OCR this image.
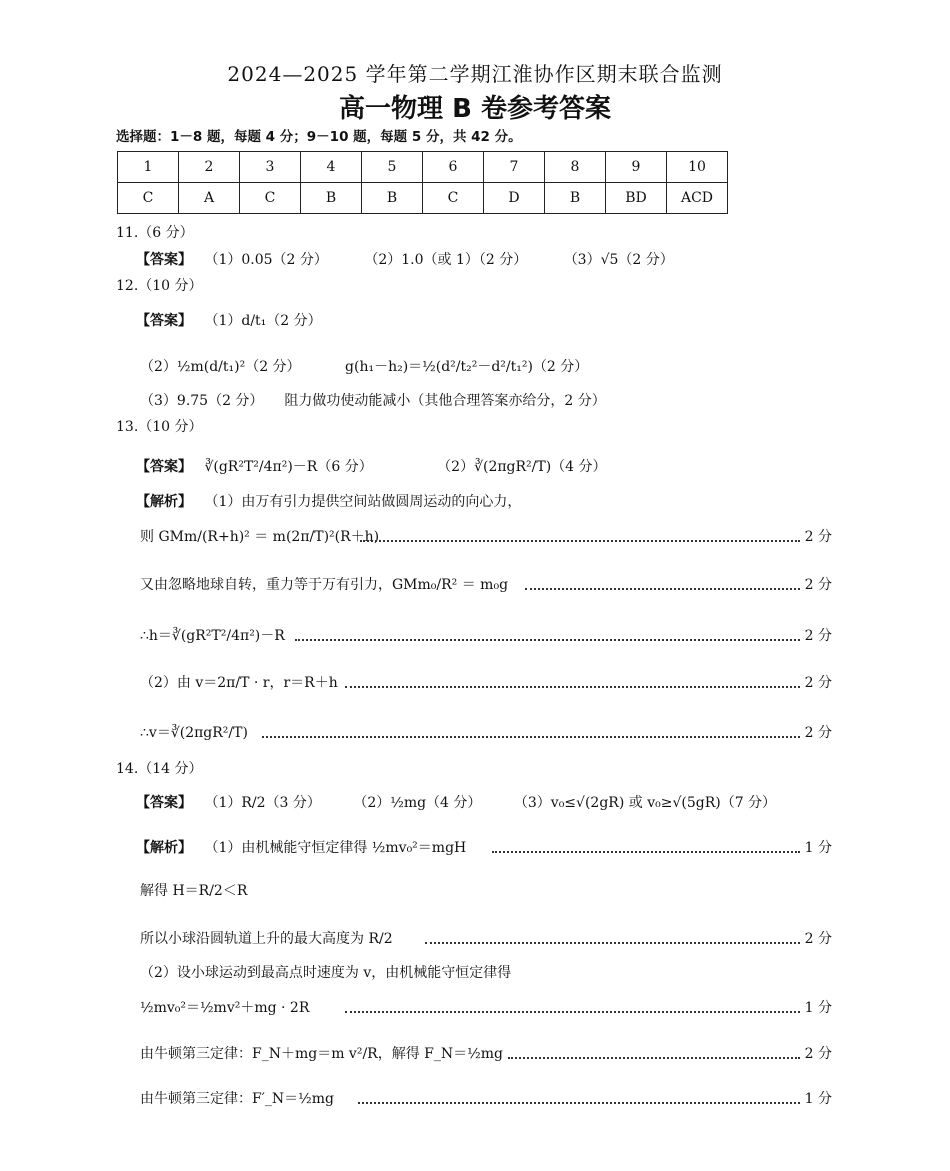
2024—2025 学年第二学期江淮协作区期末联合监测
高一物理 B 卷参考答案
选择题：1－8 题，每题 4 分；9－10 题，每题 5 分，共 42 分。
1	2	3	4	5	6	7	8	9	10
C	A	C	B	B	C	D	B	BD	ACD
11.（6 分）
【答案】 （1）0.05（2 分）	（2）1.0（或 1）（2 分）	（3）√5（2 分）
12.（10 分）
【答案】 （1）d/t₁（2 分）
（2）½m(d/t₁)²（2 分）	g(h₁－h₂)＝½(d²/t₂²－d²/t₁²)（2 分）
（3）9.75（2 分）　　阻力做功使动能减小（其他合理答案亦给分，2 分）
13.（10 分）
【答案】 ∛(gR²T²/4π²)－R（6 分）	（2）∛(2πgR²/T)（4 分）
【解析】 （1）由万有引力提供空间站做圆周运动的向心力，
则 GMm/(R+h)² ＝ m(2π/T)²(R＋h)	2 分
又由忽略地球自转，重力等于万有引力，GMm₀/R² ＝ m₀g	2 分
∴h＝∛(gR²T²/4π²)－R	2 分
（2）由 v＝2π/T · r，r＝R＋h	2 分
∴v＝∛(2πgR²/T)	2 分
14.（14 分）
【答案】 （1）R/2（3 分） （2）½mg（4 分） （3）v₀≤√(2gR) 或 v₀≥√(5gR)（7 分）
【解析】 （1）由机械能守恒定律得 ½mv₀²＝mgH	1 分
解得 H＝R/2＜R
所以小球沿圆轨道上升的最大高度为 R/2	2 分
（2）设小球运动到最高点时速度为 v，由机械能守恒定律得
½mv₀²＝½mv²＋mg · 2R	1 分
由牛顿第三定律：F_N＋mg＝m v²/R，解得 F_N＝½mg	2 分
由牛顿第三定律：F′_N＝½mg	1 分
